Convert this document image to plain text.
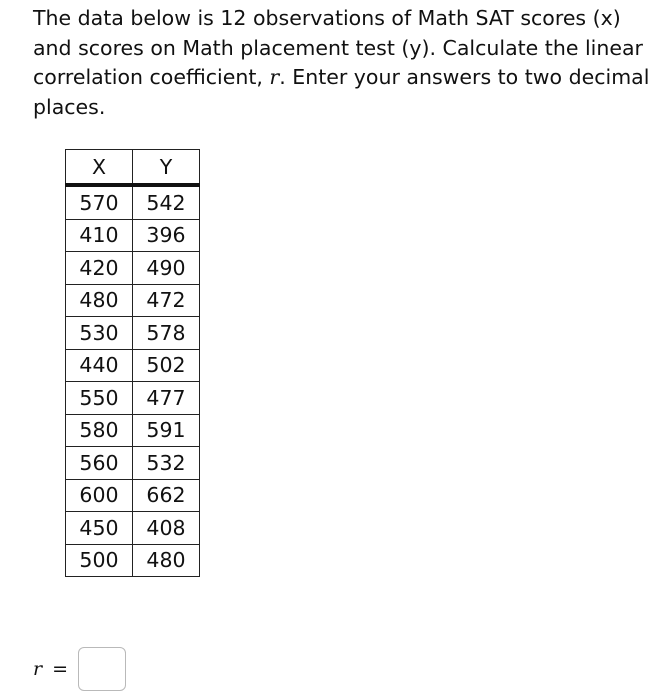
The data below is 12 observations of Math SAT scores (x) and scores on Math placement test (y). Calculate the linear correlation coefficient, r. Enter your answers to two decimal places.

X	Y
570	542
410	396
420	490
480	472
530	578
440	502
550	477
580	591
560	532
600	662
450	408
500	480
r =
